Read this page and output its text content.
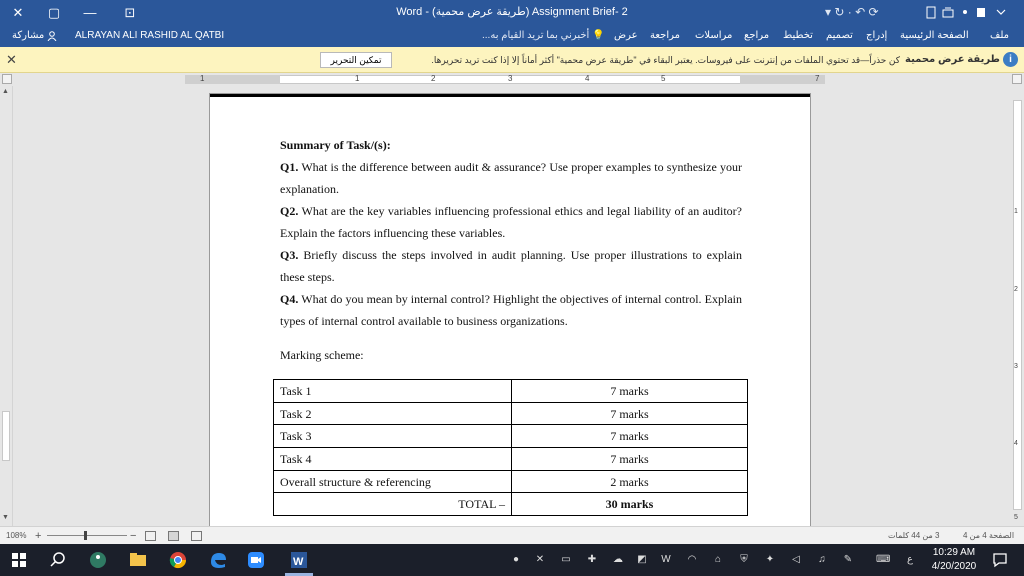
✕	▢	—	⊡	Word - (طريقة عرض محمية) Assignment Brief- 2	▾ ↻ · ↶ ⟳
مشاركة	ALRAYAN ALI RASHID AL QATBI	💡 أخبرني بما تريد القيام به...	ملف
الصفحة الرئيسية
إدراج
تصميم
تخطيط
مراجع
مراسلات
مراجعة
عرض
✕	تمكين التحرير	كن حذراً—قد تحتوي الملفات من إنترنت على فيروسات. يعتبر البقاء في "طريقة عرض محمية" أكثر أماناً إلا إذا كنت تريد تحريرها. طريقة عرض محمية i
1	1	2	3	4	5	7
▲
▼
1
2
3
4
5
Summary of Task/(s):

Q1. What is the difference between audit & assurance? Use proper examples to synthesize your explanation.

Q2. What are the key variables influencing professional ethics and legal liability of an auditor? Explain the factors influencing these variables.

Q3. Briefly discuss the steps involved in audit planning. Use proper illustrations to explain these steps.

Q4. What do you mean by internal control? Highlight the objectives of internal control. Explain types of internal control available to business organizations.

Marking scheme:
Task 1	7 marks
Task 2	7 marks
Task 3	7 marks
Task 4	7 marks
Overall structure & referencing	2 marks
TOTAL –	30 marks
108% +	−	3 من 44 كلمات	الصفحة 4 من 4
W	● ✕ ▭ ✚ ☁ ◩ W ◠ ⌂ ⛨ ✦ ◁ ♫ ✎ ⌨	ع
10:29 AM
4/20/2020
